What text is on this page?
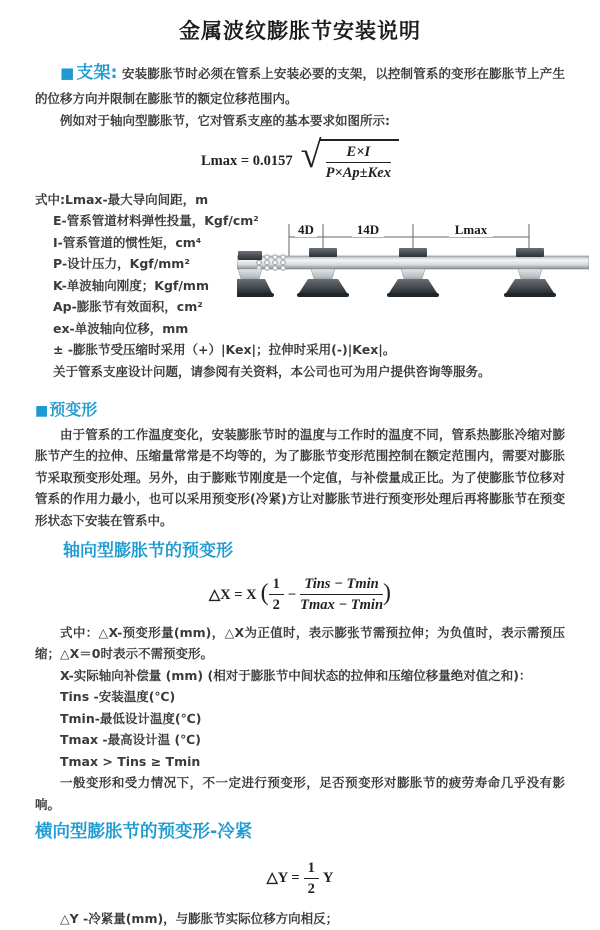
金属波纹膨胀节安装说明

■ 支架: 安装膨胀节时必须在管系上安装必要的支架，以控制管系的变形在膨胀节上产生的位移方向并限制在膨胀节的额定位移范围内。

例如对于轴向型膨胀节，它对管系支座的基本要求如图所示:

Lmax = 0.0157 √ $\frac{E\times I}{\text{P×Ap±Kex}}$
式中:Lmax-最大导向间距，m
E-管系管道材料弹性投量，Kgf/cm²
I-管系管道的惯性矩，cm⁴
P-设计压力，Kgf/mm²
K-单波轴向刚度；Kgf/mm
Ap-膨胀节有效面积，cm²
ex-单波轴向位移，mm
± -膨胀节受压缩时采用（+）|Kex|；拉伸时采用(-)|Kex|。
关于管系支座设计问题，请参阅有关资料，本公司也可为用户提供咨询等服务。
4D	14D	Lmax
■预变形

由于管系的工作温度变化，安装膨胀节时的温度与工作时的温度不同，管系热膨胀冷缩对膨胀节产生的拉伸、压缩量常常是不均等的，为了膨胀节变形范围控制在额定范围内，需要对膨胀节采取预变形处理。另外，由于膨账节刚度是一个定值，与补偿量成正比。为了使膨胀节位移对管系的作用力最小，也可以采用预变形(冷紧)方让对膨胀节进行预变形处理后再将膨胀节在预变形状态下安装在管系中。

轴向型膨胀节的预变形
△X = X ( $\frac{1}{2} - \frac{\text{Tins − Tmin}}{Tmax - Tmin}$ )

式中：△X-预变形量(mm)，△X为正值时，表示膨张节需预拉伸；为负值时，表示需预压缩；△X＝0时表示不需预变形。

X-实际轴向补偿量 (mm) (相对于膨胀节中间状态的拉伸和压缩位移量绝对值之和)：

Tins -安装温度(℃)

Tmin-最低设计温度(℃)

Tmax -最高设计温 (℃)

Tmax > Tins ≥ Tmin

一般变形和受力情况下，不一定进行预变形，足否预变形对膨胀节的疲劳寿命几乎没有影响。

横向型膨胀节的预变形-冷紧
△Y = $\frac{1}{2}$ Y

△Y -冷紧量(mm)，与膨胀节实际位移方向相反；
